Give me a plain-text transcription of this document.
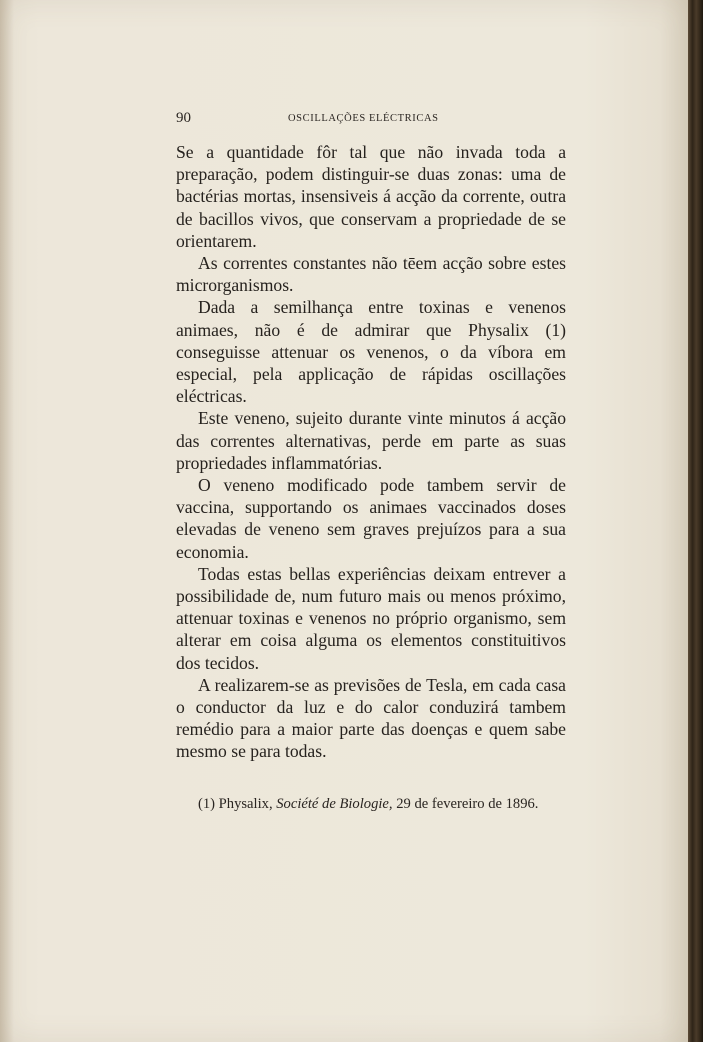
90	OSCILLAÇÕES ELÉCTRICAS

Se a quantidade fôr tal que não invada toda a preparação, podem distinguir-se duas zonas: uma de bactérias mortas, insensiveis á acção da corrente, outra de bacillos vivos, que conservam a propriedade de se orientarem.

As correntes constantes não tēem acção sobre estes microrganismos.

Dada a semilhança entre toxinas e venenos animaes, não é de admirar que Physalix (1) conseguisse attenuar os venenos, o da víbora em especial, pela applicação de rápidas oscillações eléctricas.

Este veneno, sujeito durante vinte minutos á acção das correntes alternativas, perde em parte as suas propriedades inflammatórias.

O veneno modificado pode tambem servir de vaccina, supportando os animaes vaccinados doses elevadas de veneno sem graves prejuízos para a sua economia.

Todas estas bellas experiências deixam entrever a possibilidade de, num futuro mais ou menos próximo, attenuar toxinas e venenos no próprio organismo, sem alterar em coisa alguma os elementos constituitivos dos tecidos.

A realizarem-se as previsões de Tesla, em cada casa o conductor da luz e do calor conduzirá tambem remédio para a maior parte das doenças e quem sabe mesmo se para todas.

(1) Physalix, Société de Biologie, 29 de fevereiro de 1896.
